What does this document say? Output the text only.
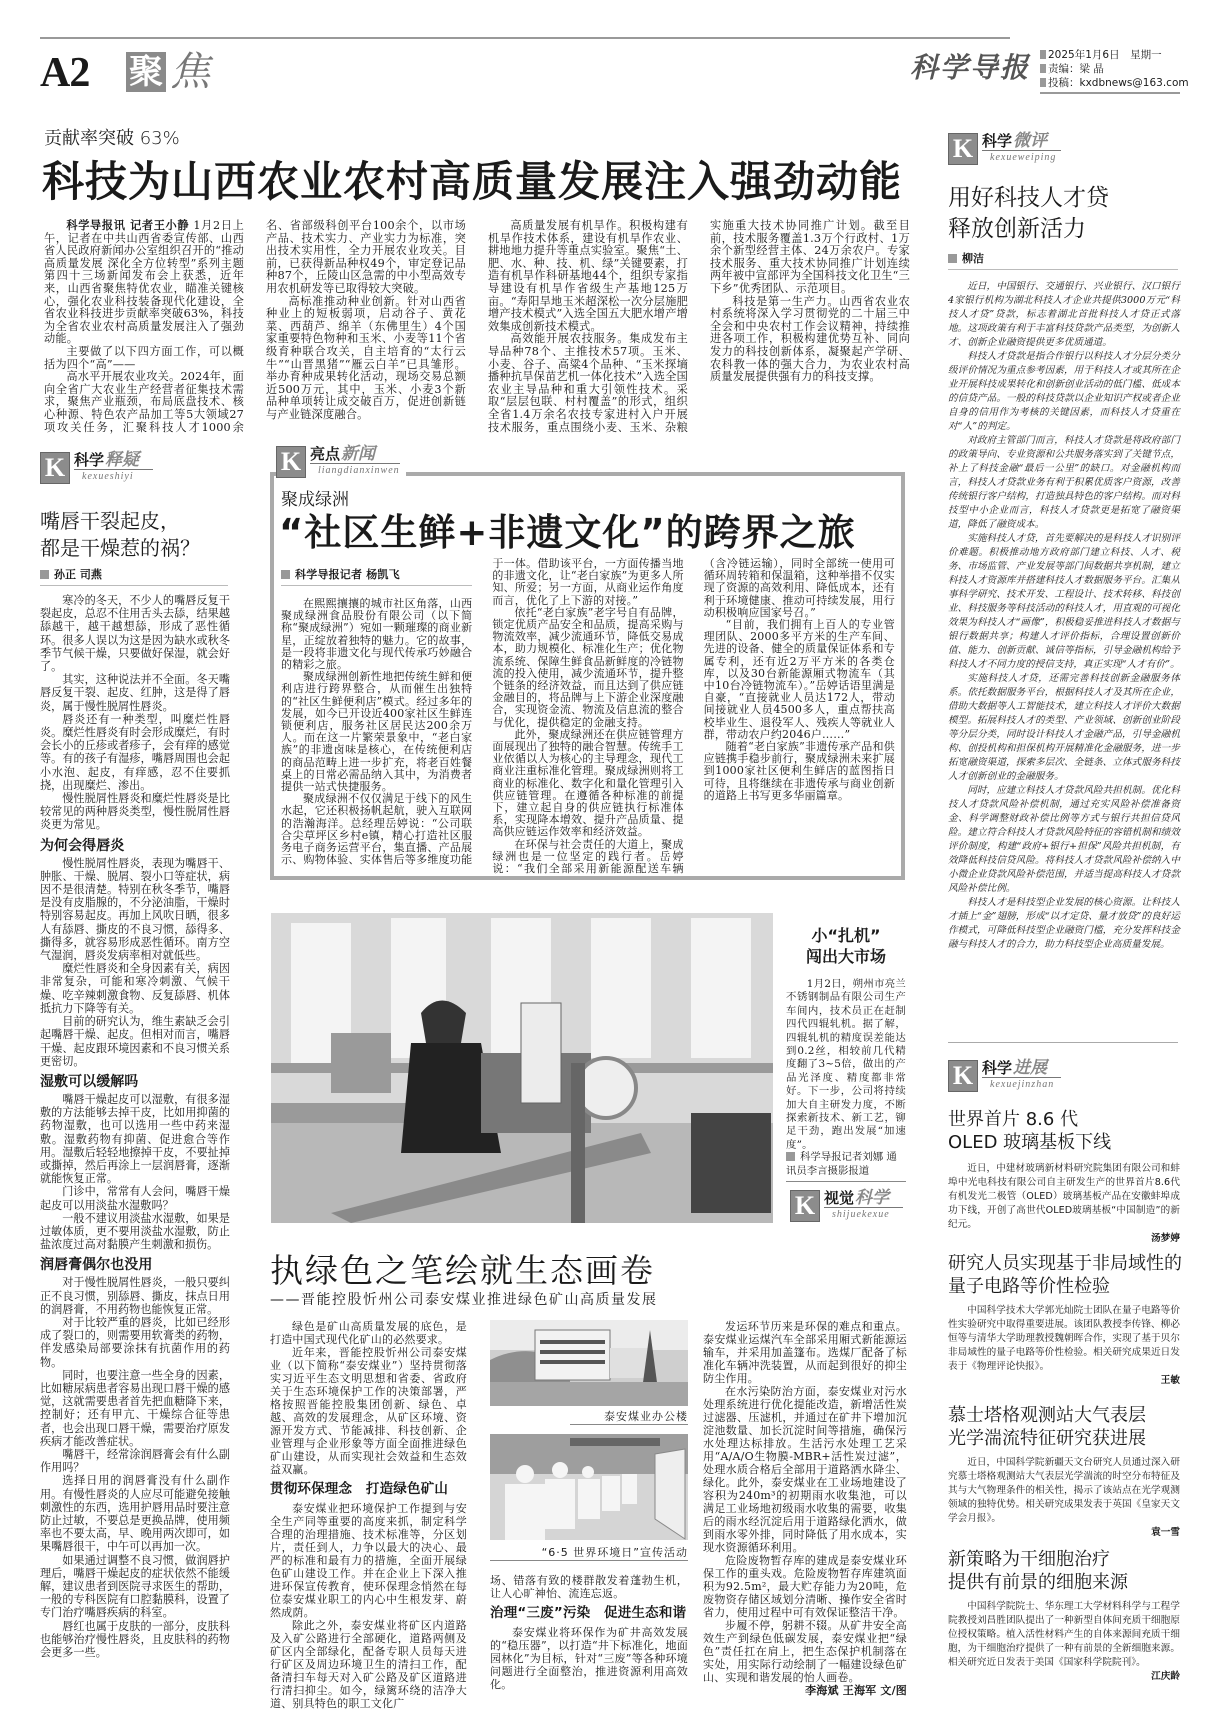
A2 聚 焦	科学导报	2025年1月6日　星期一
责编：梁 晶
投稿：kxdbnews@163.com
贡献率突破 63%
科技为山西农业农村高质量发展注入强劲动能

科学导报讯 记者王小静 1月2日上午，记者在中共山西省委宣传部、山西省人民政府新闻办公室组织召开的“推动高质量发展 深化全方位转型”系列主题第四十三场新闻发布会上获悉，近年来，山西省聚焦特优农业，瞄准关键核心，强化农业科技装备现代化建设，全省农业科技进步贡献率突破63%，科技为全省农业农村高质量发展注入了强劲动能。

主要做了以下四方面工作，可以概括为四个“高”——

高水平开展农业攻关。2024年，面向全省广大农业生产经营者征集技术需求，聚焦产业瓶颈，布局底盘技术、核心种源、特色农产品加工等5大领域27项攻关任务，汇聚科技人才1000余名、省部级科创平台100余个，以市场产品、技术实力、产业实力为标准，突出技术实用性，全力开展农业攻关。目前，已获得新品种权49个，审定登记品种87个，丘陵山区急需的中小型高效专用农机研发等已取得较大突破。

高标准推动种业创新。针对山西省种业上的短板弱项，启动谷子、黄花菜、西葫芦、绵羊（东佛里生）4个国家重要特色物种和玉米、小麦等11个省级育种联合攻关，自主培育的“太行云牛”“山晋黑猪”“雁云白羊”已具雏形。举办育种成果转化活动，现场交易总额近500万元，其中，玉米、小麦3个新品种单项转让成交破百万，促进创新链与产业链深度融合。

高质量发展有机旱作。积极构建有机旱作技术体系，建设有机旱作农业、耕地地力提升等重点实验室。聚焦“土、肥、水、种、技、机、绿”关键要素，打造有机旱作科研基地44个，组织专家指导建设有机旱作省级生产基地125万亩。“寿阳旱地玉米超深松一次分层施肥增产技术模式”入选全国五大肥水增产增效集成创新技术模式。

高效能开展农技服务。集成发布主导品种78个、主推技术57项。玉米、小麦、谷子、高粱4个品种、“玉米探墒播种抗旱保苗艺机一体化技术”入选全国农业主导品种和重大引领性技术。采取“层层包联、村村覆盖”的形式，组织全省1.4万余名农技专家进村入户开展技术服务，重点围绕小麦、玉米、杂粮实施重大技术协同推广计划。截至目前，技术服务覆盖1.3万个行政村、1万余个新型经营主体、24万余农户。专家技术服务、重大技术协同推广计划连续两年被中宣部评为全国科技文化卫生“三下乡”优秀团队、示范项目。

科技是第一生产力。山西省农业农村系统将深入学习贯彻党的二十届三中全会和中央农村工作会议精神，持续推进各项工作，积极构建优势互补、同向发力的科技创新体系，凝聚起产学研、农科教一体的强大合力，为农业农村高质量发展提供强有力的科技支撑。

K 科学微评
kexueweiping
用好科技人才贷
释放创新活力
柳洁

近日，中国银行、交通银行、兴业银行、汉口银行4家银行机构为湖北科技人才企业共提供3000万元“科技人才贷”贷款，标志着湖北首批科技人才贷正式落地。这项政策有利于丰富科技贷款产品类型，为创新人才、创新企业融资提供更多优质通道。

科技人才贷款是指合作银行以科技人才分层分类分级评价情况为重点参考因素，用于科技人才或其所在企业开展科技成果转化和创新创业活动的低门槛、低成本的信贷产品。一般的科技贷款以企业知识产权或者企业自身的信用作为考核的关键因素，而科技人才贷重在对“人”的判定。

对政府主管部门而言，科技人才贷款是将政府部门的政策导向、专业资源和公共服务落实到了关键节点，补上了科技金融“最后一公里”的缺口。对金融机构而言，科技人才贷款业务有利于积累优质客户资源，改善传统银行客户结构，打造独具特色的客户结构。而对科技型中小企业而言，科技人才贷款更是拓宽了融资渠道，降低了融资成本。

实施科技人才贷，首先要解决的是科技人才识别评价难题。积极推动地方政府部门建立科技、人才、税务、市场监管、产业发展等部门间数据共享机制，建立科技人才资源库并搭建科技人才数据服务平台。汇集从事科学研究、技术开发、工程设计、技术转移、科技创业、科技服务等科技活动的科技人才，用直观的可视化效果为科技人才“画像”，积极稳妥推进科技人才数据与银行数据共享；构建人才评价指标，合理设置创新价值、能力、创新贡献、诚信等指标，引导金融机构给予科技人才不同力度的授信支持，真正实现“人才有价”。

实施科技人才贷，还需完善科技创新金融服务体系。依托数据服务平台，根据科技人才及其所在企业，借助大数据等人工智能技术，建立科技人才评价大数据模型。拓展科技人才的类型、产业领域、创新创业阶段等分层分类，同时设计科技人才金融产品，引导金融机构、创投机构和担保机构开展精准化金融服务，进一步拓宽融资渠道，探索多层次、全链条、立体式服务科技人才创新创业的金融服务。

同时，应建立科技人才贷款风险共担机制。优化科技人才贷款风险补偿机制，通过充实风险补偿准备资金、科学调整财政补偿比例等方式与银行共担信贷风险。建立符合科技人才贷款风险特征的容错机制和绩效评价制度，构建“政府+银行+担保”风险共担机制，有效降低科技信贷风险。将科技人才贷款风险补偿纳入中小微企业贷款风险补偿范围，并适当提高科技人才贷款风险补偿比例。

科技人才是科技型企业发展的核心资源。让科技人才插上“金”翅膀，形成“以才定贷、量才放贷”的良好运作模式，可降低科技型企业融资门槛，充分发挥科技金融与科技人才的合力，助力科技型企业高质量发展。

K 科学释疑
kexueshiyi
嘴唇干裂起皮，
都是干燥惹的祸？
孙正 司燕

寒冷的冬天，不少人的嘴唇反复干裂起皮，总忍不住用舌头去舔，结果越舔越干，越干越想舔，形成了恶性循环。很多人误以为这是因为缺水或秋冬季节气候干燥，只要做好保湿，就会好了。

其实，这种说法并不全面。冬天嘴唇反复干裂、起皮、红肿，这是得了唇炎，属于慢性脱屑性唇炎。

唇炎还有一种类型，叫糜烂性唇炎。糜烂性唇炎有时会形成糜烂，有时会长小的丘疹或者疹子，会有痒的感觉等。有的孩子有湿疹，嘴唇周围也会起小水泡、起皮，有痒感，忍不住要抓挠，出现糜烂、渗出。

慢性脱屑性唇炎和糜烂性唇炎是比较常见的两种唇炎类型，慢性脱屑性唇炎更为常见。

为何会得唇炎

慢性脱屑性唇炎，表现为嘴唇干、肿胀、干燥、脱屑、裂小口等症状，病因不是很清楚。特别在秋冬季节，嘴唇是没有皮脂腺的，不分泌油脂，干燥时特别容易起皮。再加上风吹日晒，很多人有舔唇、撕皮的不良习惯，舔得多、撕得多，就容易形成恶性循环。南方空气湿润，唇炎发病率相对就低些。

糜烂性唇炎和全身因素有关，病因非常复杂，可能和寒冷刺激、气候干燥、吃辛辣刺激食物、反复舔唇、机体抵抗力下降等有关。

目前的研究认为，维生素缺乏会引起嘴唇干燥、起皮。但相对而言，嘴唇干燥、起皮跟环境因素和不良习惯关系更密切。

湿敷可以缓解吗

嘴唇干燥起皮可以湿敷，有很多湿敷的方法能够去掉干皮，比如用抑菌的药物湿敷，也可以选用一些中药来湿敷。湿敷药物有抑菌、促进愈合等作用。湿敷后轻轻地擦掉干皮，不要扯掉或撕掉，然后再涂上一层润唇膏，逐渐就能恢复正常。

门诊中，常常有人会问，嘴唇干燥起皮可以用淡盐水湿敷吗？

一般不建议用淡盐水湿敷，如果是过敏体质，更不要用淡盐水湿敷，防止盐浓度过高对黏膜产生刺激和损伤。

润唇膏偶尔也没用

对于慢性脱屑性唇炎，一般只要纠正不良习惯，别舔唇、撕皮，抹点日用的润唇膏，不用药物也能恢复正常。

对于比较严重的唇炎，比如已经形成了裂口的，则需要用软膏类的药物，伴发感染局部要涂抹有抗菌作用的药物。

同时，也要注意一些全身的因素，比如糖尿病患者容易出现口唇干燥的感觉，这就需要患者首先把血糖降下来，控制好；还有甲亢、干燥综合征等患者，也会出现口唇干燥，需要治疗原发疾病才能改善症状。

嘴唇干，经常涂润唇膏会有什么副作用吗？

选择日用的润唇膏没有什么副作用。有慢性唇炎的人应尽可能避免接触刺激性的东西，选用护唇用品时要注意防止过敏，不要总是更换品牌，使用频率也不要太高，早、晚用两次即可，如果嘴唇很干，中午可以再加一次。

如果通过调整不良习惯，做润唇护理后，嘴唇干燥起皮的症状依然不能缓解，建议患者到医院寻求医生的帮助，一般的专科医院有口腔黏膜科，设置了专门治疗嘴唇疾病的科室。

唇红也属于皮肤的一部分，皮肤科也能够治疗慢性唇炎，且皮肤科的药物会更多一些。

K 亮点新闻
liangdianxinwen
聚成绿洲
“社区生鲜+非遗文化”的跨界之旅
科学导报记者 杨凯飞

在熙熙攘攘的城市社区角落，山西聚成绿洲食品股份有限公司（以下简称“聚成绿洲”）宛如一颗璀璨的商业新星，正绽放着独特的魅力。它的故事，是一段将非遗文化与现代传承巧妙融合的精彩之旅。

聚成绿洲创新性地把传统生鲜和便利店进行跨界整合，从而催生出独特的“社区生鲜便利店”模式。经过多年的发展，如今已开设近400家社区生鲜连锁便利店，服务社区居民达200余万人。而在这一片繁荣景象中，“老白家族”的非遗卤味是核心，在传统便利店的商品范畴上进一步扩充，将老百姓餐桌上的日常必需品纳入其中，为消费者提供一站式快捷服务。

聚成绿洲不仅仅满足于线下的风生水起，它还积极扬帆起航，驶入互联网的浩瀚海洋。总经理岳婷说：“公司联合尖草坪区乡村e镇，精心打造社区服务电子商务运营平台，集直播、产品展示、购物体验、实体售后等多维度功能于一体。借助该平台，一方面传播当地的非遗文化，让“老白家族”为更多人所知、所爱；另一方面，从商业运作角度而言，优化了上下游的对接。”

依托“老白家族”老字号自有品牌，锁定优质产品安全和品质，提高采购与物流效率，减少流通环节，降低交易成本，助力规模化、标准化生产；优化物流系统、保障生鲜食品新鲜度的冷链物流的投入使用，减少流通环节，提升整个链条的经济效益，而且达到了供应链金融目的，将品牌与上下游企业深度融合，实现资金流、物流及信息流的整合与优化，提供稳定的金融支持。

此外，聚成绿洲还在供应链管理方面展现出了独特的融合智慧。传统手工业依循以人为核心的主导理念，现代工商业注重标准化管理。聚成绿洲则将工商业的标准化、数字化和量化管理引入供应链管理。在遵循各种标准的前提下，建立起自身的供应链执行标准体系，实现降本增效、提升产品质量、提高供应链运作效率和经济效益。

在环保与社会责任的大道上，聚成绿洲也是一位坚定的践行者。岳婷说：“我们全部采用新能源配送车辆（含冷链运输），同时全部统一使用可循环周转箱和保温箱，这种举措不仅实现了资源的高效利用、降低成本，还有利于环境健康、推动可持续发展，用行动积极响应国家号召。”

“目前，我们拥有上百人的专业管理团队、2000多平方米的生产车间、先进的设备、健全的质量保证体系和专属专利，还有近2万平方米的各类仓库，以及30台新能源厢式物流车（其中10台冷链物流车）。”岳婷话语里满是自豪，“直接就业人员达172人，带动间接就业人员4500多人，重点帮扶高校毕业生、退役军人、残疾人等就业人群，带动农户约2046户……”

随着“老白家族”非遗传承产品和供应链携手稳步前行，聚成绿洲未来扩展到1000家社区便利生鲜店的蓝图指日可待，且将继续在非遗传承与商业创新的道路上书写更多华丽篇章。

小“扎机”
闯出大市场

1月2日，朔州市亮兰不锈钢制品有限公司生产车间内，技术员正在赶制四代四辊轧机。据了解，四辊轧机的精度误差能达到0.2丝，相较前几代精度翻了3~5倍，做出的产品光泽度、精度都非常好。下一步，公司将持续加大自主研发力度，不断探索新技术、新工艺，铆足干劲，跑出发展“加速度”。

科学导报记者刘娜 通讯员李言摄影报道
K 视觉科学
shijuekexue
执绿色之笔绘就生态画卷
——晋能控股忻州公司泰安煤业推进绿色矿山高质量发展

绿色是矿山高质量发展的底色，是打造中国式现代化矿山的必然要求。

近年来，晋能控股忻州公司泰安煤业（以下简称“泰安煤业”）坚持贯彻落实习近平生态文明思想和省委、省政府关于生态环境保护工作的决策部署，严格按照晋能控股集团创新、绿色、卓越、高效的发展理念，从矿区环境、资源开发方式、节能减排、科技创新、企业管理与企业形象等方面全面推进绿色矿山建设，从而实现社会效益和生态效益双赢。

贯彻环保理念　打造绿色矿山

泰安煤业把环境保护工作提到与安全生产同等重要的高度来抓，制定科学合理的治理措施、技术标准等，分区划片，责任到人，力争以最大的决心、最严的标准和最有力的措施，全面开展绿色矿山建设工作。并在企业上下深入推进环保宣传教育，使环保理念悄然在每位泰安煤业职工的内心中生根发芽、蔚然成荫。

除此之外，泰安煤业将矿区内道路及入矿公路进行全部硬化，道路两侧及矿区内全部绿化，配备专职人员每天进行矿区及周边环境卫生的清扫工作，配备清扫车每天对入矿公路及矿区道路进行清扫抑尘。如今，绿篱环绕的洁净大道、别具特色的职工文化广

泰安煤业办公楼
“6·5 世界环境日”宣传活动

场、错落有致的楼群散发着蓬勃生机，让人心旷神怡、流连忘返。

治理“三废”污染　促进生态和谐

泰安煤业将环保作为矿井高效发展的“稳压器”，以打造“井下标准化，地面园林化”为目标，针对“三废”等各种环境问题进行全面整治，推进资源利用高效化。

发运环节历来是环保的难点和重点。泰安煤业运煤汽车全部采用厢式新能源运输车，并采用加盖篷布。选煤厂配备了标准化车辆冲洗装置，从而起到很好的抑尘防尘作用。

在水污染防治方面，泰安煤业对污水处理系统进行优化提能改造，新增活性炭过滤器、压滤机，并通过在矿井下增加沉淀池数量、加长沉淀时间等措施，确保污水处理达标排放。生活污水处理工艺采用“A/A/O生物膜-MBR+活性炭过滤”，处理水质合格后全部用于道路洒水降尘、绿化。此外，泰安煤业在工业场地建设了容积为240m³的初期雨水收集池，可以满足工业场地初级雨水收集的需要，收集后的雨水经沉淀后用于道路绿化洒水，做到雨水零外排，同时降低了用水成本，实现水资源循环利用。

危险废物暂存库的建成是泰安煤业环保工作的重头戏。危险废物暂存库建筑面积为92.5m²，最大贮存能力为20吨，危废物资存储区域划分清晰、操作安全省时省力，使用过程中可有效保证整洁干净。

步履不停，躬耕不辍。从矿井安全高效生产到绿色低碳发展，泰安煤业把“绿色”责任扛在肩上，把生态保护机制落在实处，用实际行动绘制了一幅建设绿色矿山、实现和谐发展的怡人画卷。

李海斌 王海军 文/图
K 科学进展
kexuejinzhan
世界首片 8.6 代
OLED 玻璃基板下线
近日，中建材玻璃新材料研究院集团有限公司和蚌埠中光电科技有限公司自主研发生产的世界首片8.6代有机发光二极管（OLED）玻璃基板产品在安徽蚌埠成功下线，开创了高世代OLED玻璃基板“中国制造”的新纪元。
汤梦婷
研究人员实现基于非局域性的
量子电路等价性检验
中国科学技术大学郭光灿院士团队在量子电路等价性实验研究中取得重要进展。该团队教授李传锋、柳必恒等与清华大学助理教授魏朝晖合作，实现了基于贝尔非局域性的量子电路等价性检验。相关研究成果近日发表于《物理评论快报》。
王敏
慕士塔格观测站大气表层
光学湍流特征研究获进展
近日，中国科学院新疆天文台研究人员通过深入研究慕士塔格观测站大气表层光学湍流的时空分布特征及其与大气物理条件的相关性，揭示了该站点在光学观测领域的独特优势。相关研究成果发表于英国《皇家天文学会月报》。
袁一雪
新策略为干细胞治疗
提供有前景的细胞来源
中国科学院院士、华东理工大学材料科学与工程学院教授刘昌胜团队提出了一种新型自体间充质干细胞原位授权策略。植入活性材料产生的自体来源间充质干细胞，为干细胞治疗提供了一种有前景的全新细胞来源。相关研究近日发表于美国《国家科学院院刊》。
江庆龄
